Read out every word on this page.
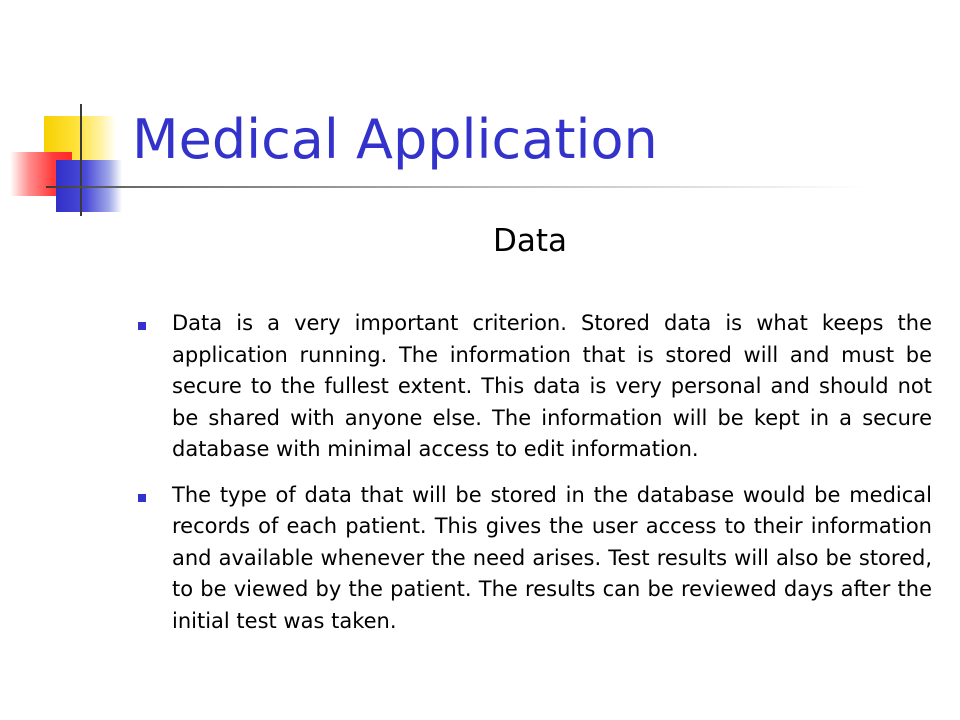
Medical Application
Data
Data is a very important criterion. Stored data is what keeps the application running. The information that is stored will and must be secure to the fullest extent. This data is very personal and should not be shared with anyone else. The information will be kept in a secure database with minimal access to edit information.
The type of data that will be stored in the database would be medical records of each patient. This gives the user access to their information and available whenever the need arises. Test results will also be stored, to be viewed by the patient. The results can be reviewed days after the initial test was taken.
